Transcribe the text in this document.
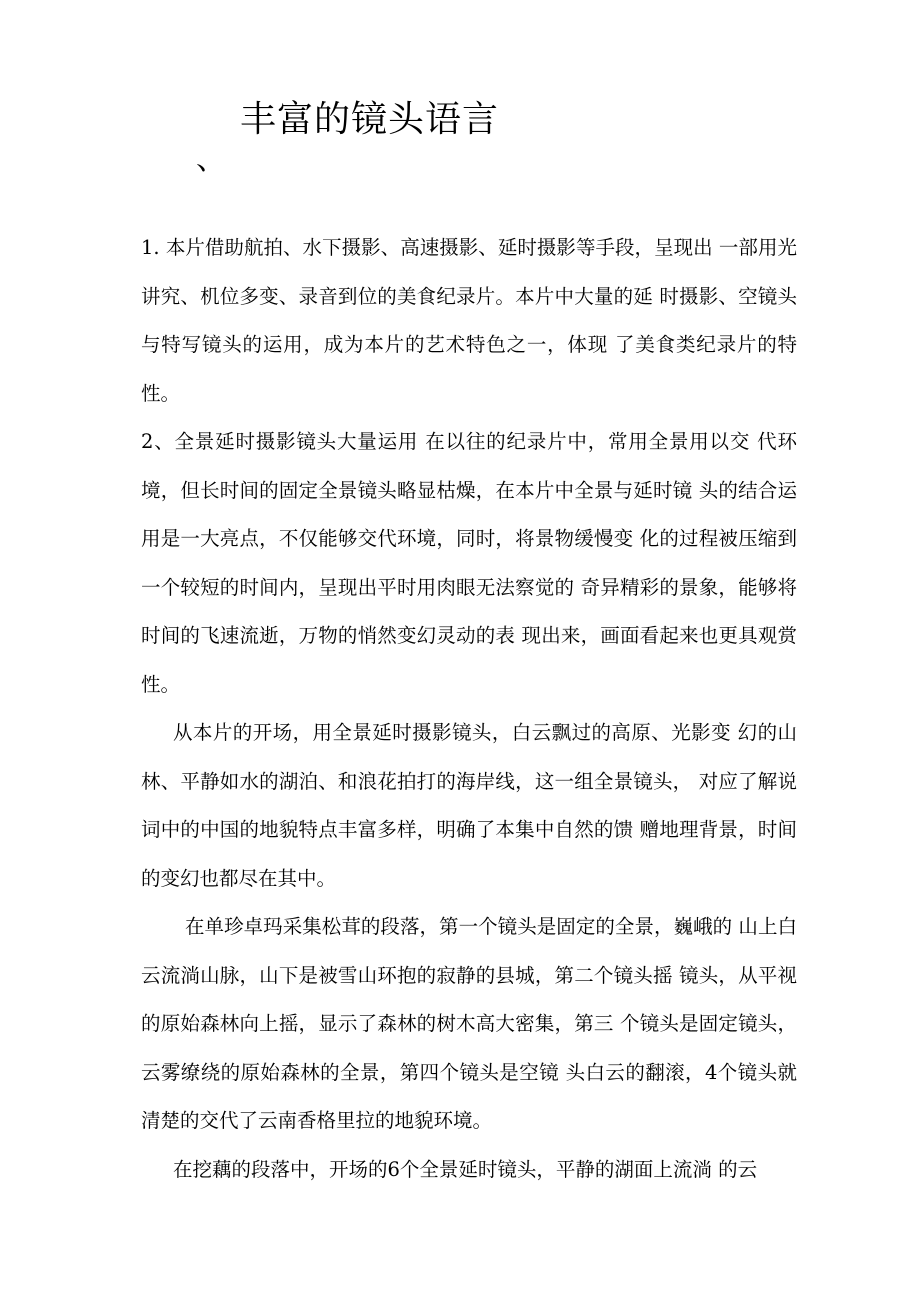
丰富的镜头语言
、

1. 本片借助航拍、水下摄影、高速摄影、延时摄影等手段，呈现出 一部用光讲究、机位多变、录音到位的美食纪录片。本片中大量的延 时摄影、空镜头与特写镜头的运用，成为本片的艺术特色之一，体现 了美食类纪录片的特性。

2、全景延时摄影镜头大量运用 在以往的纪录片中，常用全景用以交 代环境，但长时间的固定全景镜头略显枯燥，在本片中全景与延时镜 头的结合运用是一大亮点，不仅能够交代环境，同时，将景物缓慢变 化的过程被压缩到一个较短的时间内，呈现出平时用肉眼无法察觉的 奇异精彩的景象，能够将时间的飞速流逝，万物的悄然变幻灵动的表 现出来，画面看起来也更具观赏性。

从本片的开场，用全景延时摄影镜头，白云飘过的高原、光影变 幻的山林、平静如水的湖泊、和浪花拍打的海岸线，这一组全景镜头， 对应了解说词中的中国的地貌特点丰富多样，明确了本集中自然的馈 赠地理背景，时间的变幻也都尽在其中。

在单珍卓玛采集松茸的段落，第一个镜头是固定的全景，巍峨的 山上白云流淌山脉，山下是被雪山环抱的寂静的县城，第二个镜头摇 镜头，从平视的原始森林向上摇，显示了森林的树木高大密集，第三 个镜头是固定镜头，云雾缭绕的原始森林的全景，第四个镜头是空镜 头白云的翻滚，4个镜头就清楚的交代了云南香格里拉的地貌环境。

在挖藕的段落中，开场的6个全景延时镜头，平静的湖面上流淌 的云
